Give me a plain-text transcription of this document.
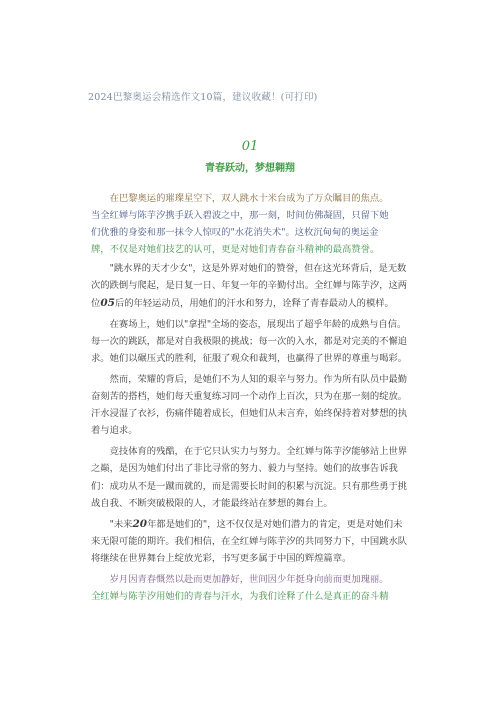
2024巴黎奥运会精选作文10篇，建议收藏！(可打印)
01
青春跃动，梦想翱翔

在巴黎奥运的璀璨星空下，双人跳水十米台成为了万众瞩目的焦点。
当全红婵与陈芋汐携手跃入碧波之中，那一刻，时间仿佛凝固，只留下她
们优雅的身姿和那一抹令人惊叹的"水花消失术"。这枚沉甸甸的奥运金
牌，不仅是对她们技艺的认可，更是对她们青春奋斗精神的最高赞誉。

"跳水界的天才少女"，这是外界对她们的赞誉，但在这光环背后，是无数次的跌倒与爬起，是日复一日、年复一年的辛勤付出。全红婵与陈芋汐，这两位05后的年轻运动员，用她们的汗水和努力，诠释了青春最动人的模样。

在赛场上，她们以"拿捏"全场的姿态，展现出了超乎年龄的成熟与自信。每一次的跳跃，都是对自我极限的挑战；每一次的入水，都是对完美的不懈追求。她们以碾压式的胜利，征服了观众和裁判，也赢得了世界的尊重与喝彩。

然而，荣耀的背后，是她们不为人知的艰辛与努力。作为所有队员中最勤奋刻苦的搭档，她们每天重复练习同一个动作上百次，只为在那一刻的绽放。汗水浸湿了衣衫，伤痛伴随着成长，但她们从未言弃，始终保持着对梦想的执着与追求。

竞技体育的残酷，在于它只认实力与努力。全红婵与陈芋汐能够站上世界之巅，是因为她们付出了非比寻常的努力、毅力与坚持。她们的故事告诉我们：成功从不是一蹴而就的，而是需要长时间的积累与沉淀。只有那些勇于挑战自我、不断突破极限的人，才能最终站在梦想的舞台上。

"未来20年都是她们的"，这不仅仅是对她们潜力的肯定，更是对她们未来无限可能的期许。我们相信，在全红婵与陈芋汐的共同努力下，中国跳水队将继续在世界舞台上绽放光彩，书写更多属于中国的辉煌篇章。

岁月因青春慨然以赴而更加静好，世间因少年挺身向前而更加瑰丽。
全红婵与陈芋汐用她们的青春与汗水，为我们诠释了什么是真正的奋斗精
